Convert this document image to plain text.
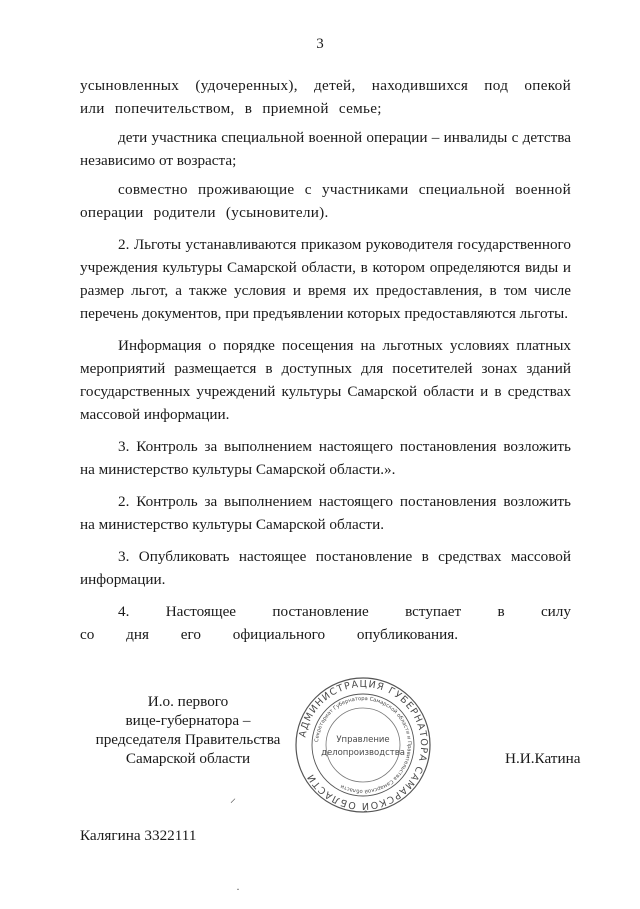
3

усыновленных (удочеренных), детей, находившихся под опекой или попечительством, в приемной семье;

дети участника специальной военной операции – инвалиды с детства независимо от возраста;

совместно проживающие с участниками специальной военной операции родители (усыновители).

2. Льготы устанавливаются приказом руководителя государственного учреждения культуры Самарской области, в котором определяются виды и размер льгот, а также условия и время их предоставления, в том числе перечень документов, при предъявлении которых предоставляются льготы.

Информация о порядке посещения на льготных условиях платных мероприятий размещается в доступных для посетителей зонах зданий государственных учреждений культуры Самарской области и в средствах массовой информации.

3. Контроль за выполнением настоящего постановления возложить на министерство культуры Самарской области.».

2. Контроль за выполнением настоящего постановления возложить на министерство культуры Самарской области.

3. Опубликовать настоящее постановление в средствах массовой информации.

4. Настоящее постановление вступает в силу со дня его официального опубликования.

И.о. первого
вице-губернатора –
председателя Правительства
Самарской области
АДМИНИСТРАЦИЯ ГУБЕРНАТОРА САМАРСКОЙ ОБЛАСТИ
Секретариат Губернатора Самарской области и Правительства Самарской области
Управление
делопроизводства	Н.И.Катина
⸝
·
Калягина 3322111
